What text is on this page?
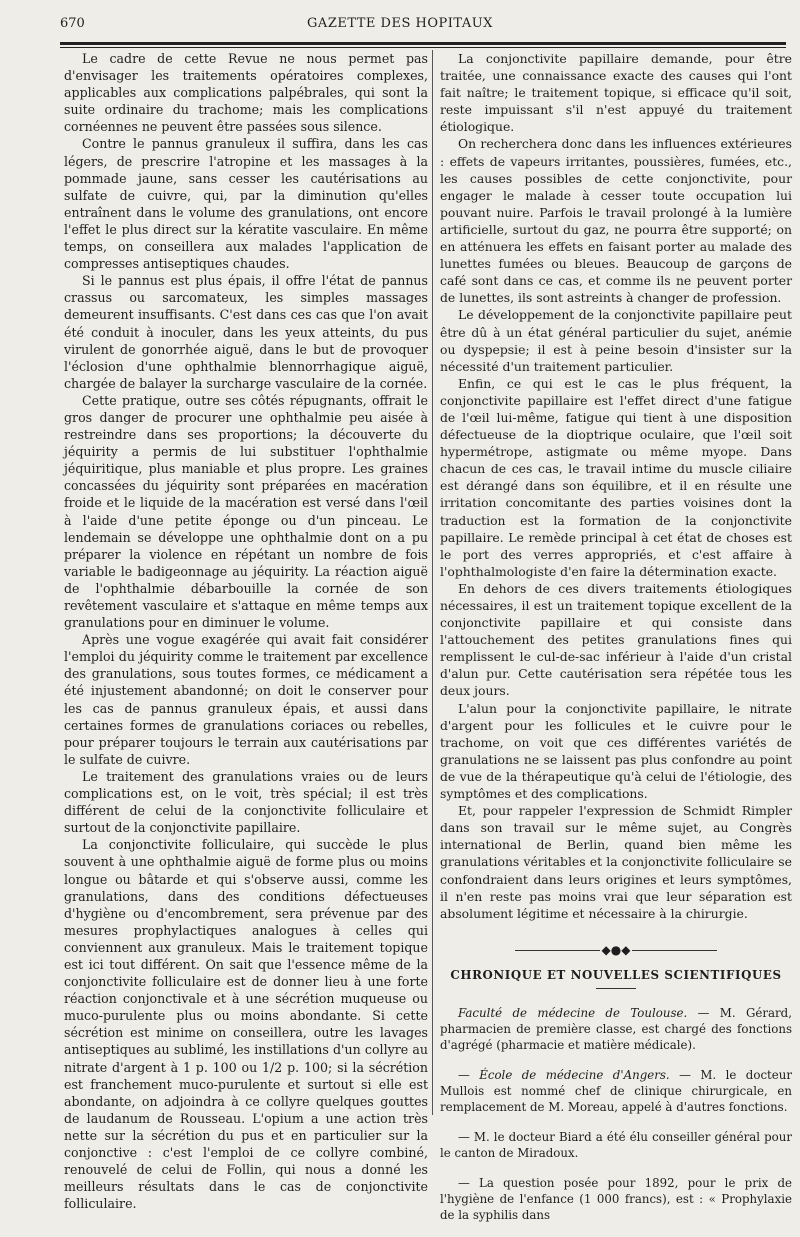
670	GAZETTE DES HOPITAUX

Le cadre de cette Revue ne nous permet pas d'envisager les traitements opératoires complexes, applicables aux complications palpébrales, qui sont la suite ordinaire du trachome; mais les complications cornéennes ne peuvent être passées sous silence.

Contre le pannus granuleux il suffira, dans les cas légers, de prescrire l'atropine et les massages à la pommade jaune, sans cesser les cautérisations au sulfate de cuivre, qui, par la diminution qu'elles entraînent dans le volume des granulations, ont encore l'effet le plus direct sur la kératite vasculaire. En même temps, on conseillera aux malades l'application de compresses antiseptiques chaudes.

Si le pannus est plus épais, il offre l'état de pannus crassus ou sarcomateux, les simples massages demeurent insuffisants. C'est dans ces cas que l'on avait été conduit à inoculer, dans les yeux atteints, du pus virulent de gonorrhée aiguë, dans le but de provoquer l'éclosion d'une ophthalmie blennorrhagique aiguë, chargée de balayer la surcharge vasculaire de la cornée.

Cette pratique, outre ses côtés répugnants, offrait le gros danger de procurer une ophthalmie peu aisée à restreindre dans ses proportions; la découverte du jéquirity a permis de lui substituer l'ophthalmie jéquiritique, plus maniable et plus propre. Les graines concassées du jéquirity sont préparées en macération froide et le liquide de la macération est versé dans l'œil à l'aide d'une petite éponge ou d'un pinceau. Le lendemain se développe une ophthalmie dont on a pu préparer la violence en répétant un nombre de fois variable le badigeonnage au jéquirity. La réaction aiguë de l'ophthalmie débarbouille la cornée de son revêtement vasculaire et s'attaque en même temps aux granulations pour en diminuer le volume.

Après une vogue exagérée qui avait fait considérer l'emploi du jéquirity comme le traitement par excellence des granulations, sous toutes formes, ce médicament a été injustement abandonné; on doit le conserver pour les cas de pannus granuleux épais, et aussi dans certaines formes de granulations coriaces ou rebelles, pour préparer toujours le terrain aux cautérisations par le sulfate de cuivre.

Le traitement des granulations vraies ou de leurs complications est, on le voit, très spécial; il est très différent de celui de la conjonctivite folliculaire et surtout de la conjonctivite papillaire.

La conjonctivite folliculaire, qui succède le plus souvent à une ophthalmie aiguë de forme plus ou moins longue ou bâtarde et qui s'observe aussi, comme les granulations, dans des conditions défectueuses d'hygiène ou d'encombrement, sera prévenue par des mesures prophylactiques analogues à celles qui conviennent aux granuleux. Mais le traitement topique est ici tout différent. On sait que l'essence même de la conjonctivite folliculaire est de donner lieu à une forte réaction conjonctivale et à une sécrétion muqueuse ou muco-purulente plus ou moins abondante. Si cette sécrétion est minime on conseillera, outre les lavages antiseptiques au sublimé, les instillations d'un collyre au nitrate d'argent à 1 p. 100 ou 1/2 p. 100; si la sécrétion est franchement muco-purulente et surtout si elle est abondante, on adjoindra à ce collyre quelques gouttes de laudanum de Rousseau. L'opium a une action très nette sur la sécrétion du pus et en particulier sur la conjonctive : c'est l'emploi de ce collyre combiné, renouvelé de celui de Follin, qui nous a donné les meilleurs résultats dans le cas de conjonctivite folliculaire.

La conjonctivite papillaire demande, pour être traitée, une connaissance exacte des causes qui l'ont fait naître; le traitement topique, si efficace qu'il soit, reste impuissant s'il n'est appuyé du traitement étiologique.

On recherchera donc dans les influences extérieures : effets de vapeurs irritantes, poussières, fumées, etc., les causes possibles de cette conjonctivite, pour engager le malade à cesser toute occupation lui pouvant nuire. Parfois le travail prolongé à la lumière artificielle, surtout du gaz, ne pourra être supporté; on en atténuera les effets en faisant porter au malade des lunettes fumées ou bleues. Beaucoup de garçons de café sont dans ce cas, et comme ils ne peuvent porter de lunettes, ils sont astreints à changer de profession.

Le développement de la conjonctivite papillaire peut être dû à un état général particulier du sujet, anémie ou dyspepsie; il est à peine besoin d'insister sur la nécessité d'un traitement particulier.

Enfin, ce qui est le cas le plus fréquent, la conjonctivite papillaire est l'effet direct d'une fatigue de l'œil lui-même, fatigue qui tient à une disposition défectueuse de la dioptrique oculaire, que l'œil soit hypermétrope, astigmate ou même myope. Dans chacun de ces cas, le travail intime du muscle ciliaire est dérangé dans son équilibre, et il en résulte une irritation concomitante des parties voisines dont la traduction est la formation de la conjonctivite papillaire. Le remède principal à cet état de choses est le port des verres appropriés, et c'est affaire à l'ophthalmologiste d'en faire la détermination exacte.

En dehors de ces divers traitements étiologiques nécessaires, il est un traitement topique excellent de la conjonctivite papillaire et qui consiste dans l'attouchement des petites granulations fines qui remplissent le cul-de-sac inférieur à l'aide d'un cristal d'alun pur. Cette cautérisation sera répétée tous les deux jours.

L'alun pour la conjonctivite papillaire, le nitrate d'argent pour les follicules et le cuivre pour le trachome, on voit que ces différentes variétés de granulations ne se laissent pas plus confondre au point de vue de la thérapeutique qu'à celui de l'étiologie, des symptômes et des complications.

Et, pour rappeler l'expression de Schmidt Rimpler dans son travail sur le même sujet, au Congrès international de Berlin, quand bien même les granulations véritables et la conjonctivite folliculaire se confondraient dans leurs origines et leurs symptômes, il n'en reste pas moins vrai que leur séparation est absolument légitime et nécessaire à la chirurgie.

◆●◆
CHRONIQUE ET NOUVELLES SCIENTIFIQUES

Faculté de médecine de Toulouse. — M. Gérard, pharmacien de première classe, est chargé des fonctions d'agrégé (pharmacie et matière médicale).

— École de médecine d'Angers. — M. le docteur Mullois est nommé chef de clinique chirurgicale, en remplacement de M. Moreau, appelé à d'autres fonctions.

— M. le docteur Biard a été élu conseiller général pour le canton de Miradoux.

— La question posée pour 1892, pour le prix de l'hygiène de l'enfance (1 000 francs), est : « Prophylaxie de la syphilis dans
